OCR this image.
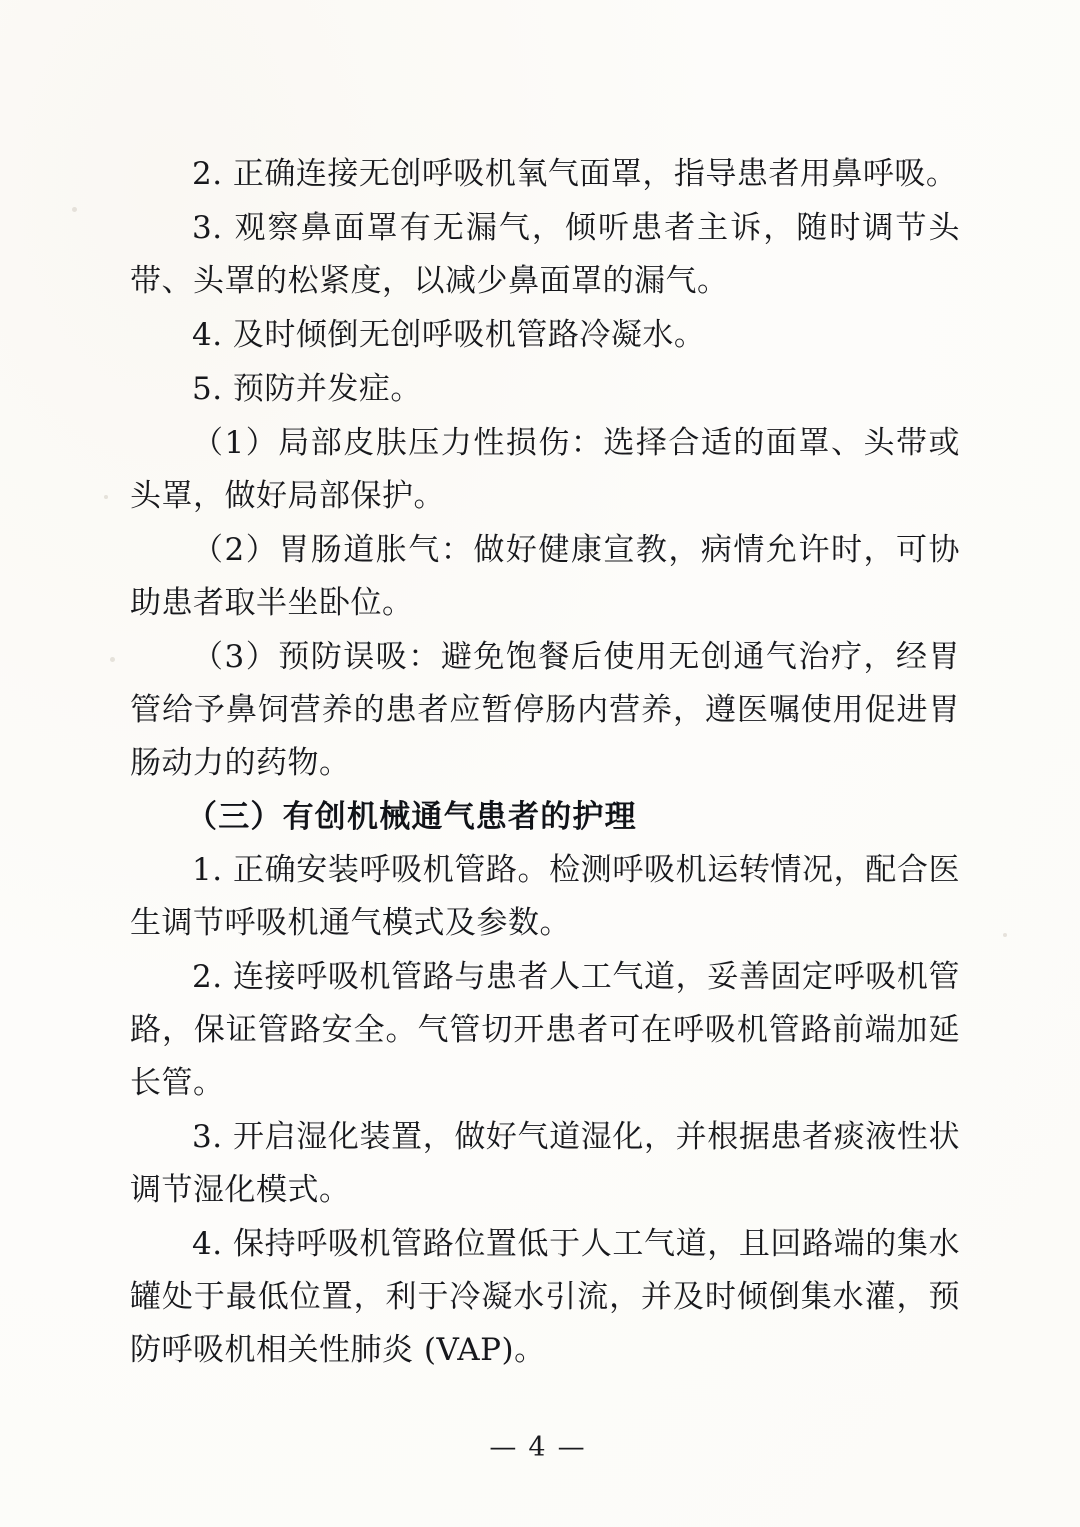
2. 正确连接无创呼吸机氧气面罩，指导患者用鼻呼吸。

3. 观察鼻面罩有无漏气，倾听患者主诉，随时调节头带、头罩的松紧度，以减少鼻面罩的漏气。

4. 及时倾倒无创呼吸机管路冷凝水。

5. 预防并发症。

（1）局部皮肤压力性损伤：选择合适的面罩、头带或头罩，做好局部保护。

（2）胃肠道胀气：做好健康宣教，病情允许时，可协助患者取半坐卧位。

（3）预防误吸：避免饱餐后使用无创通气治疗，经胃管给予鼻饲营养的患者应暂停肠内营养，遵医嘱使用促进胃肠动力的药物。

（三）有创机械通气患者的护理

1. 正确安装呼吸机管路。检测呼吸机运转情况，配合医生调节呼吸机通气模式及参数。

2. 连接呼吸机管路与患者人工气道，妥善固定呼吸机管路，保证管路安全。气管切开患者可在呼吸机管路前端加延长管。

3. 开启湿化装置，做好气道湿化，并根据患者痰液性状调节湿化模式。

4. 保持呼吸机管路位置低于人工气道，且回路端的集水罐处于最低位置，利于冷凝水引流，并及时倾倒集水灌，预防呼吸机相关性肺炎 (VAP)。

— 4 —
